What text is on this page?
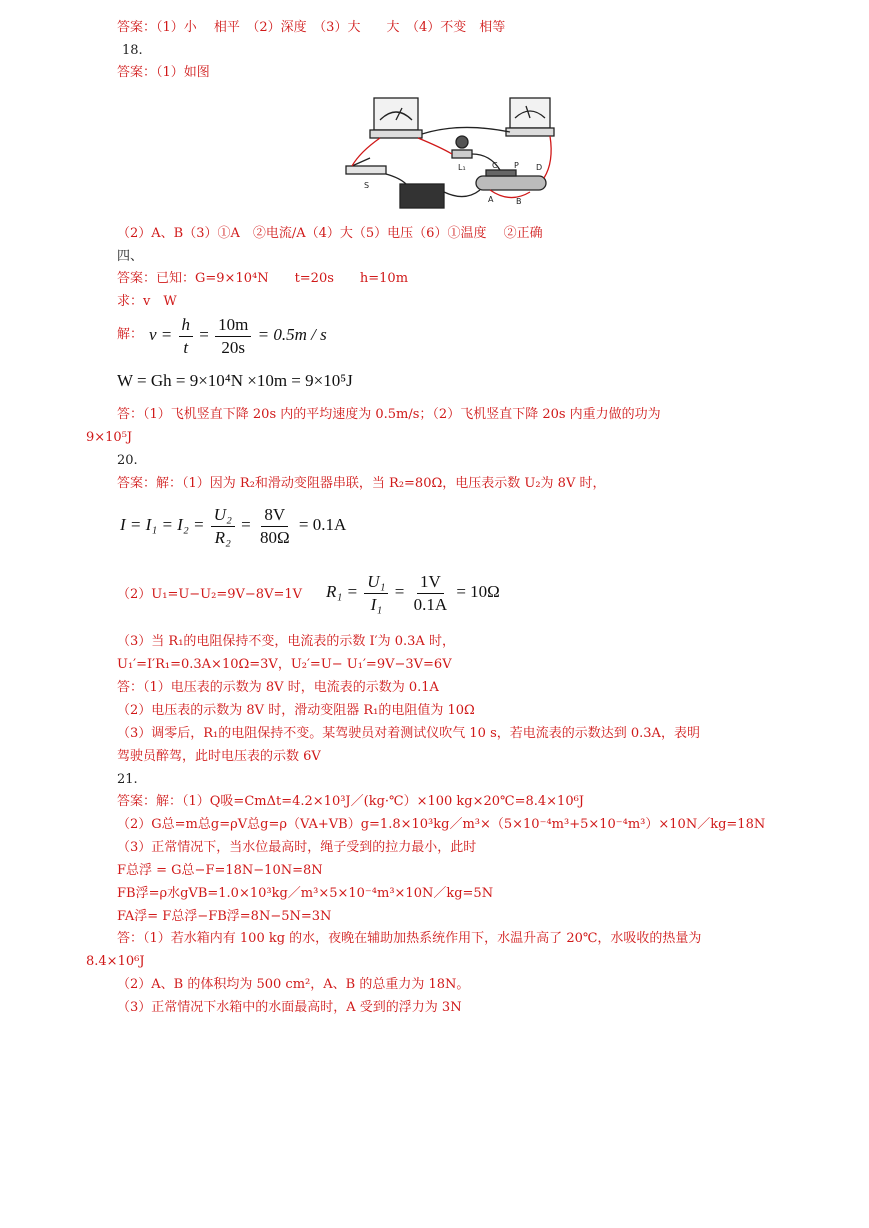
答案：（1）小　 相平　（2）深度　（3）大　　大　（4）不变　相等
18.
答案：（1）如图
L₁
S
C P D
A	B
（2）A、B（3）①A　②电流/A（4）大（5）电压（6）①温度　 ②正确
四、
答案：已知：G=9×10⁴N　　t=20s　　h=10m
求：v　W
解： $v = \frac{h}{t} = \frac{10m}{20s} = 0.5m / s$
W = Gh = 9×10⁴N ×10m = 9×10⁵J
答：（1）飞机竖直下降 20s 内的平均速度为 0.5m/s；（2）飞机竖直下降 20s 内重力做的功为
9×10⁵J
20.
答案：解：（1）因为 R₂和滑动变阻器串联，当 R₂=80Ω，电压表示数 U₂为 8V 时，
$I = I_1 = I_2 = \frac{\text{U₂}}{\text{R₂}} = \frac{8V}{80\Omega} = 0.1A$
（2）U₁=U−U₂=9V−8V=1V $R_1 = \frac{\text{U₁}}{\text{I₁}} = \frac{1V}{0.1A} = 10\Omega$
（3）当 R₁的电阻保持不变，电流表的示数 I′为 0.3A 时，
U₁′=I′R₁=0.3A×10Ω=3V，U₂′=U− U₁′=9V−3V=6V
答：（1）电压表的示数为 8V 时，电流表的示数为 0.1A
（2）电压表的示数为 8V 时，滑动变阻器 R₁的电阻值为 10Ω
（3）调零后，R₁的电阻保持不变。某驾驶员对着测试仪吹气 10 s，若电流表的示数达到 0.3A，表明
驾驶员醉驾，此时电压表的示数 6V
21.
答案：解：（1）Q吸=CmΔt=4.2×10³J／(kg·℃）×100 kg×20℃=8.4×10⁶J
（2）G总=m总g=ρV总g=ρ（VA+VB）g=1.8×10³kg／m³×（5×10⁻⁴m³+5×10⁻⁴m³）×10N／kg=18N
（3）正常情况下，当水位最高时，绳子受到的拉力最小，此时
F总浮 = G总−F=18N−10N=8N
FB浮=ρ水gVB=1.0×10³kg／m³×5×10⁻⁴m³×10N／kg=5N
FA浮= F总浮−FB浮=8N−5N=3N
答：（1）若水箱内有 100 kg 的水，夜晚在辅助加热系统作用下，水温升高了 20℃，水吸收的热量为
8.4×10⁶J
（2）A、B 的体积均为 500 cm²，A、B 的总重力为 18N。
（3）正常情况下水箱中的水面最高时，A 受到的浮力为 3N
